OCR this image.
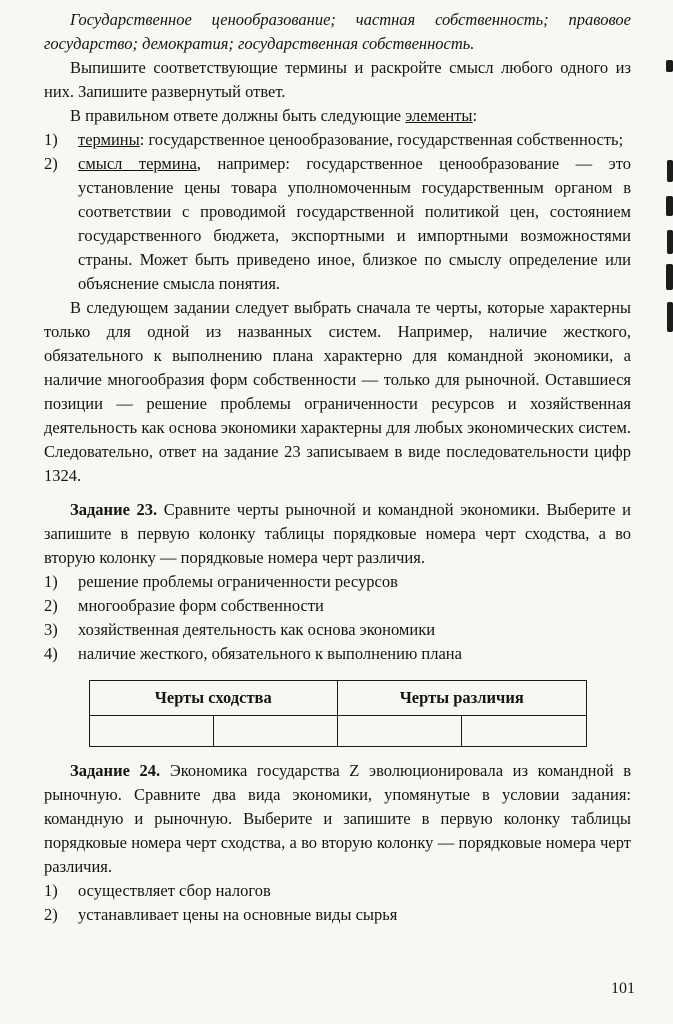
Государственное ценообразование; частная собственность; правовое государство; демократия; государственная собственность.

Выпишите соответствующие термины и раскройте смысл любого одного из них. Запишите развернутый ответ.

В правильном ответе должны быть следующие элементы:

1)	термины: государственное ценообразование, государственная собственность;
2)	смысл термина, например: государственное ценообразование — это установление цены товара уполномоченным государственным органом в соответствии с проводимой государственной политикой цен, состоянием государственного бюджета, экспортными и импортными возможностями страны. Может быть приведено иное, близкое по смыслу определение или объяснение смысла понятия.

В следующем задании следует выбрать сначала те черты, которые характерны только для одной из названных систем. Например, наличие жесткого, обязательного к выполнению плана характерно для командной экономики, а наличие многообразия форм собственности — только для рыночной. Оставшиеся позиции — решение проблемы ограниченности ресурсов и хозяйственная деятельность как основа экономики характерны для любых экономических систем. Следовательно, ответ на задание 23 записываем в виде последовательности цифр 1324.

Задание 23. Сравните черты рыночной и командной экономики. Выберите и запишите в первую колонку таблицы порядковые номера черт сходства, а во вторую колонку — порядковые номера черт различия.

1)	решение проблемы ограниченности ресурсов
2)	многообразие форм собственности
3)	хозяйственная деятельность как основа экономики
4)	наличие жесткого, обязательного к выполнению плана
Черты сходства		Черты различия	

Задание 24. Экономика государства Z эволюционировала из командной в рыночную. Сравните два вида экономики, упомянутые в условии задания: командную и рыночную. Выберите и запишите в первую колонку таблицы порядковые номера черт сходства, а во вторую колонку — порядковые номера черт различия.

1)	осуществляет сбор налогов
2)	устанавливает цены на основные виды сырья
101
